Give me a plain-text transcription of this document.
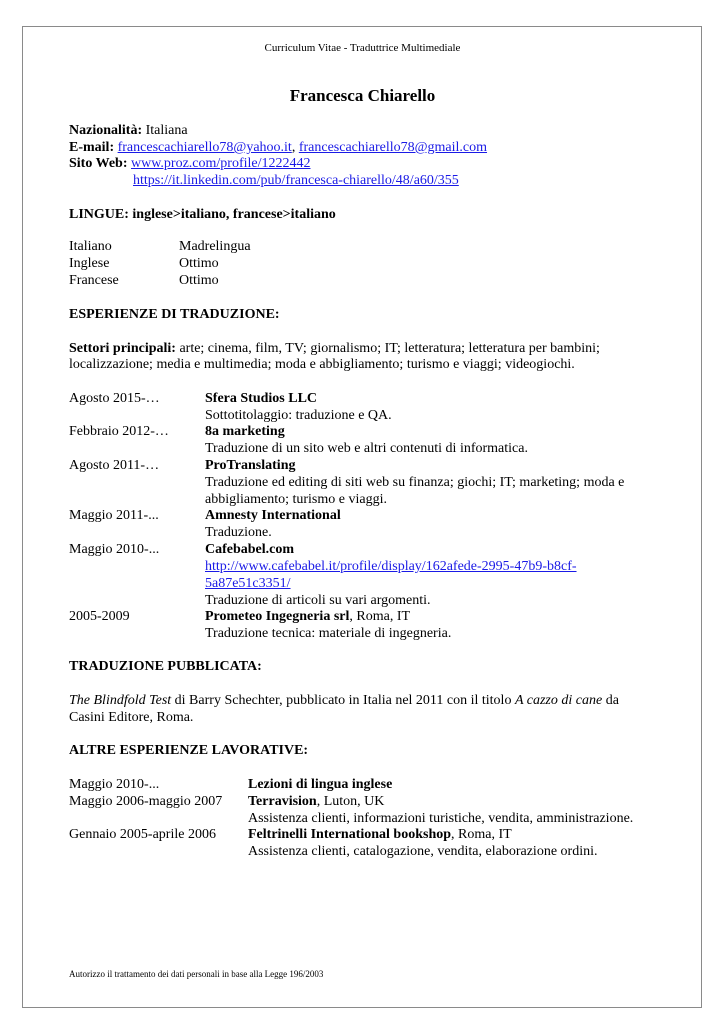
Curriculum Vitae - Traduttrice Multimediale
Francesca Chiarello
Nazionalità: Italiana
E-mail: francescachiarello78@yahoo.it, francescachiarello78@gmail.com
Sito Web: www.proz.com/profile/1222442
https://it.linkedin.com/pub/francesca-chiarello/48/a60/355
LINGUE: inglese>italiano, francese>italiano
Italiano	Madrelingua
Inglese	Ottimo
Francese	Ottimo
ESPERIENZE DI TRADUZIONE:
Settori principali: arte; cinema, film, TV; giornalismo; IT; letteratura; letteratura per bambini;
localizzazione; media e multimedia; moda e abbigliamento; turismo e viaggi; videogiochi.
Agosto 2015-…	Sfera Studios LLC
Sottotitolaggio: traduzione e QA.
Febbraio 2012-…	8a marketing
Traduzione di un sito web e altri contenuti di informatica.
Agosto 2011-…	ProTranslating
Traduzione ed editing di siti web su finanza; giochi; IT; marketing; moda e
abbigliamento; turismo e viaggi.
Maggio 2011-...	Amnesty International
Traduzione.
Maggio 2010-...	Cafebabel.com
http://www.cafebabel.it/profile/display/162afede-2995-47b9-b8cf-
5a87e51c3351/
Traduzione di articoli su vari argomenti.
2005-2009	Prometeo Ingegneria srl, Roma, IT
Traduzione tecnica: materiale di ingegneria.
TRADUZIONE PUBBLICATA:
The Blindfold Test di Barry Schechter, pubblicato in Italia nel 2011 con il titolo A cazzo di cane da
Casini Editore, Roma.
ALTRE ESPERIENZE LAVORATIVE:
Maggio 2010-...	Lezioni di lingua inglese
Maggio 2006-maggio 2007 Terravision, Luton, UK
Assistenza clienti, informazioni turistiche, vendita, amministrazione.
Gennaio 2005-aprile 2006 Feltrinelli International bookshop, Roma, IT
Assistenza clienti, catalogazione, vendita, elaborazione ordini.
Autorizzo il trattamento dei dati personali in base alla Legge 196/2003
